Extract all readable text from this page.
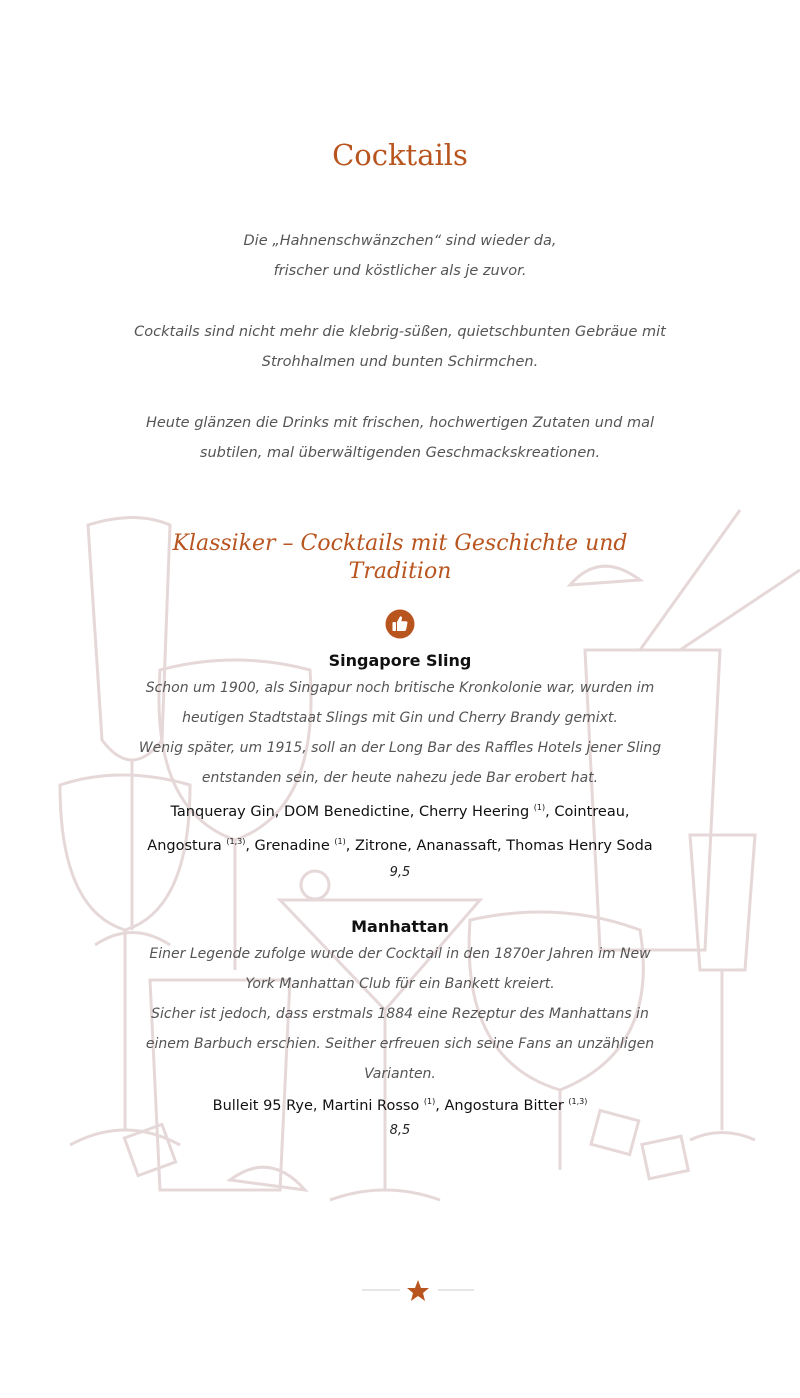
Cocktails

Die „Hahnenschwänzchen“ sind wieder da,
frischer und köstlicher als je zuvor.

Cocktails sind nicht mehr die klebrig-süßen, quietschbunten Gebräue mit
Strohhalmen und bunten Schirmchen.

Heute glänzen die Drinks mit frischen, hochwertigen Zutaten und mal
subtilen, mal überwältigenden Geschmackskreationen.

Klassiker – Cocktails mit Geschichte und
Tradition
Singapore Sling

Schon um 1900, als Singapur noch britische Kronkolonie war, wurden im
heutigen Stadtstaat Slings mit Gin und Cherry Brandy gemixt.
Wenig später, um 1915, soll an der Long Bar des Raffles Hotels jener Sling
entstanden sein, der heute nahezu jede Bar erobert hat.

Tanqueray Gin, DOM Benedictine, Cherry Heering $^{(1)}$, Cointreau,
Angostura $^{(1,3)}$, Grenadine $^{(1)}$, Zitrone, Ananassaft, Thomas Henry Soda

9,5

Manhattan

Einer Legende zufolge wurde der Cocktail in den 1870er Jahren im New
York Manhattan Club für ein Bankett kreiert.
Sicher ist jedoch, dass erstmals 1884 eine Rezeptur des Manhattans in
einem Barbuch erschien. Seither erfreuen sich seine Fans an unzähligen
Varianten.

Bulleit 95 Rye, Martini Rosso $^{(1)}$, Angostura Bitter $^{(1,3)}$

8,5
